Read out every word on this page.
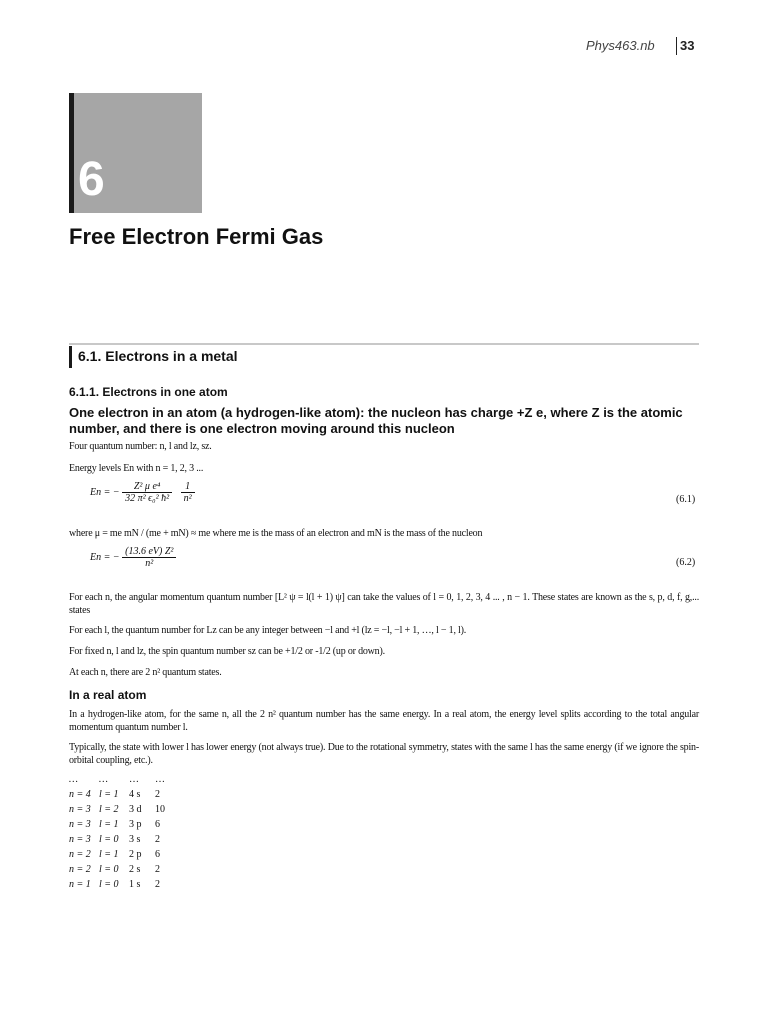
Phys463.nb 33
6
Free Electron Fermi Gas
6.1. Electrons in a metal
6.1.1. Electrons in one atom
One electron in an atom (a hydrogen-like atom): the nucleon has charge +Z e, where Z is the atomic number, and there is one electron moving around this nucleon
Four quantum number: n, l and lz, sz.
Energy levels En with n = 1, 2, 3 ...
En = − $\frac{\text{Z² μ e⁴}}{\text{32 π² ϵ₀² ħ²}}$
$\frac{1}{\text{n²}}$	(6.1)
where μ = me mN / (me + mN) ≈ me where me is the mass of an electron and mN is the mass of the nucleon
En = − $\frac{\text{(13.6 eV) Z²}}{\text{n²}}$	(6.2)
For each n, the angular momentum quantum number [L² ψ = l(l + 1) ψ] can take the values of l = 0, 1, 2, 3, 4 ... , n − 1. These states are known as the s, p, d, f, g,... states
For each l, the quantum number for Lz can be any integer between −l and +l (lz = −l, −l + 1, …, l − 1, l).
For fixed n, l and lz, the spin quantum number sz can be +1/2 or -1/2 (up or down).
At each n, there are 2 n² quantum states.
In a real atom
In a hydrogen-like atom, for the same n, all the 2 n² quantum number has the same energy. In a real atom, the energy level splits according to the total angular momentum quantum number l.
Typically, the state with lower l has lower energy (not always true). Due to the rotational symmetry, states with the same l has the same energy (if we ignore the spin-orbital coupling, etc.).
… … … …
n = 4 l = 1 4 s 2
n = 3 l = 2 3 d 10
n = 3 l = 1 3 p 6
n = 3 l = 0 3 s 2
n = 2 l = 1 2 p 6
n = 2 l = 0 2 s 2
n = 1 l = 0 1 s 2
